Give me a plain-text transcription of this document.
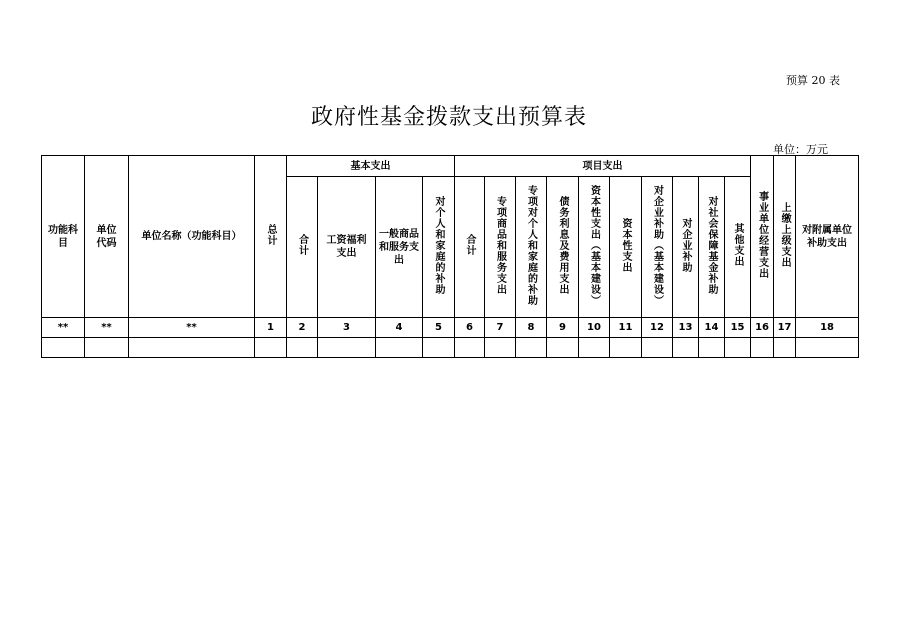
预算 20 表
政府性基金拨款支出预算表
单位：万元
功能科目	单位代码	单位名称（功能科目）	总计	基本支出				项目支出										事业单位经营支出	上缴上级支出	对附属单位补助支出
				合计	工资福利支出	一般商品和服务支出	对个人和家庭的补助	合计	专项商品和服务支出	专项对个人和家庭的补助	债务利息及费用支出	资本性支出（基本建设）	资本性支出	对企业补助（基本建设）	对企业补助	对社会保障基金补助	其他支出			
**	**	**	1	2	3	4	5	6	7	8	9	10	11	12	13	14	15	16	17	18
